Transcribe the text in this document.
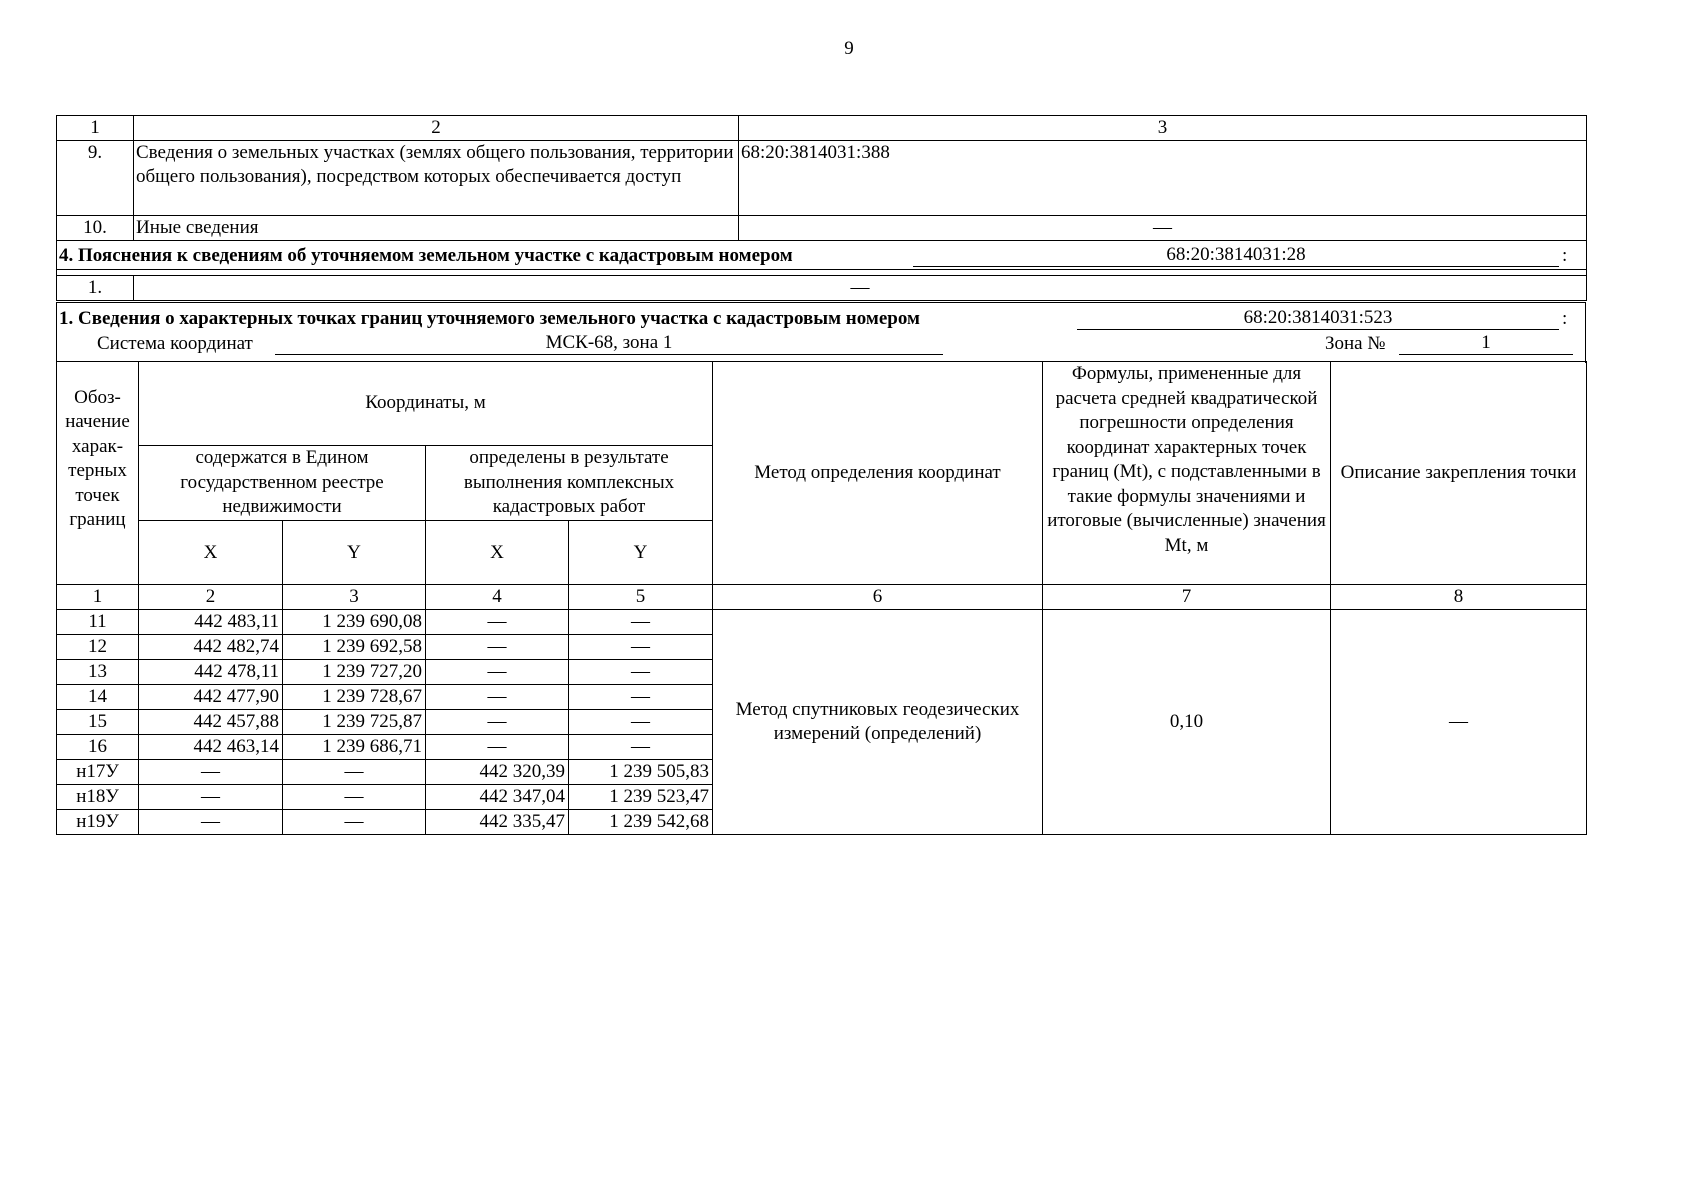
9
1	2	3
9.	Сведения о земельных участках (землях общего пользования, территории общего пользования), посредством которых обеспечивается доступ	68:20:3814031:388
10.	Иные сведения	—

4. Пояснения к сведениям об уточняемом земельном участке с кадастровым номером 68:20:3814031:28 :		

1.	—	
1. Сведения о характерных точках границ уточняемого земельного участка с кадастровым номером	68:20:3814031:523	:
Система координат	МСК-68, зона 1	Зона №	1
Обоз-начение харак-терных точек границ	Координаты, м				Метод определения координат	Формулы, примененные для расчета средней квадратической погрешности определения координат характерных точек границ (Mt), с подставленными в такие формулы значениями и итоговые (вычисленные) значения Mt, м	Описание закрепления точки
	содержатся в Едином государственном реестре недвижимости		определены в результате выполнения комплексных кадастровых работ				
	X	Y	X	Y			
1	2	3	4	5	6	7	8
11	442 483,11	1 239 690,08	—	—	Метод спутниковых геодезических измерений (определений)	0,10	—
12	442 482,74	1 239 692,58	—	—			
13	442 478,11	1 239 727,20	—	—			
14	442 477,90	1 239 728,67	—	—			
15	442 457,88	1 239 725,87	—	—			
16	442 463,14	1 239 686,71	—	—			
н17У	—	—	442 320,39	1 239 505,83			
н18У	—	—	442 347,04	1 239 523,47			
н19У	—	—	442 335,47	1 239 542,68			
